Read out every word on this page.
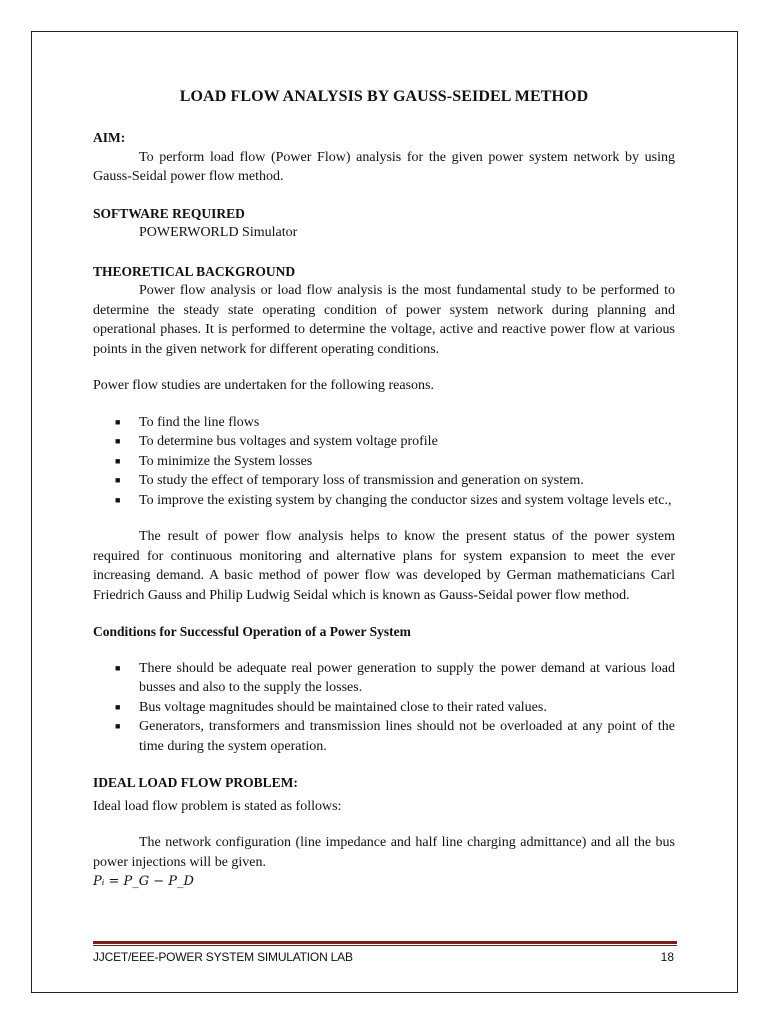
LOAD FLOW ANALYSIS BY GAUSS-SEIDEL METHOD

AIM:

To perform load flow (Power Flow) analysis for the given power system network by using Gauss-Seidal power flow method.

SOFTWARE REQUIRED

POWERWORLD Simulator

THEORETICAL BACKGROUND

Power flow analysis or load flow analysis is the most fundamental study to be performed to determine the steady state operating condition of power system network during planning and operational phases. It is performed to determine the voltage, active and reactive power flow at various points in the given network for different operating conditions.

Power flow studies are undertaken for the following reasons.

■ To find the line flows
■ To determine bus voltages and system voltage profile
■ To minimize the System losses
■ To study the effect of temporary loss of transmission and generation on system.
■ To improve the existing system by changing the conductor sizes and system voltage levels etc.,

The result of power flow analysis helps to know the present status of the power system required for continuous monitoring and alternative plans for system expansion to meet the ever increasing demand. A basic method of power flow was developed by German mathematicians Carl Friedrich Gauss and Philip Ludwig Seidal which is known as Gauss-Seidal power flow method.

Conditions for Successful Operation of a Power System

■ There should be adequate real power generation to supply the power demand at various load busses and also to the supply the losses.
■ Bus voltage magnitudes should be maintained close to their rated values.
■ Generators, transformers and transmission lines should not be overloaded at any point of the time during the system operation.

IDEAL LOAD FLOW PROBLEM:

Ideal load flow problem is stated as follows:

The network configuration (line impedance and half line charging admittance) and all the bus power injections will be given.

Pᵢ = P_G − P_D

JJCET/EEE-POWER SYSTEM SIMULATION LAB	18
